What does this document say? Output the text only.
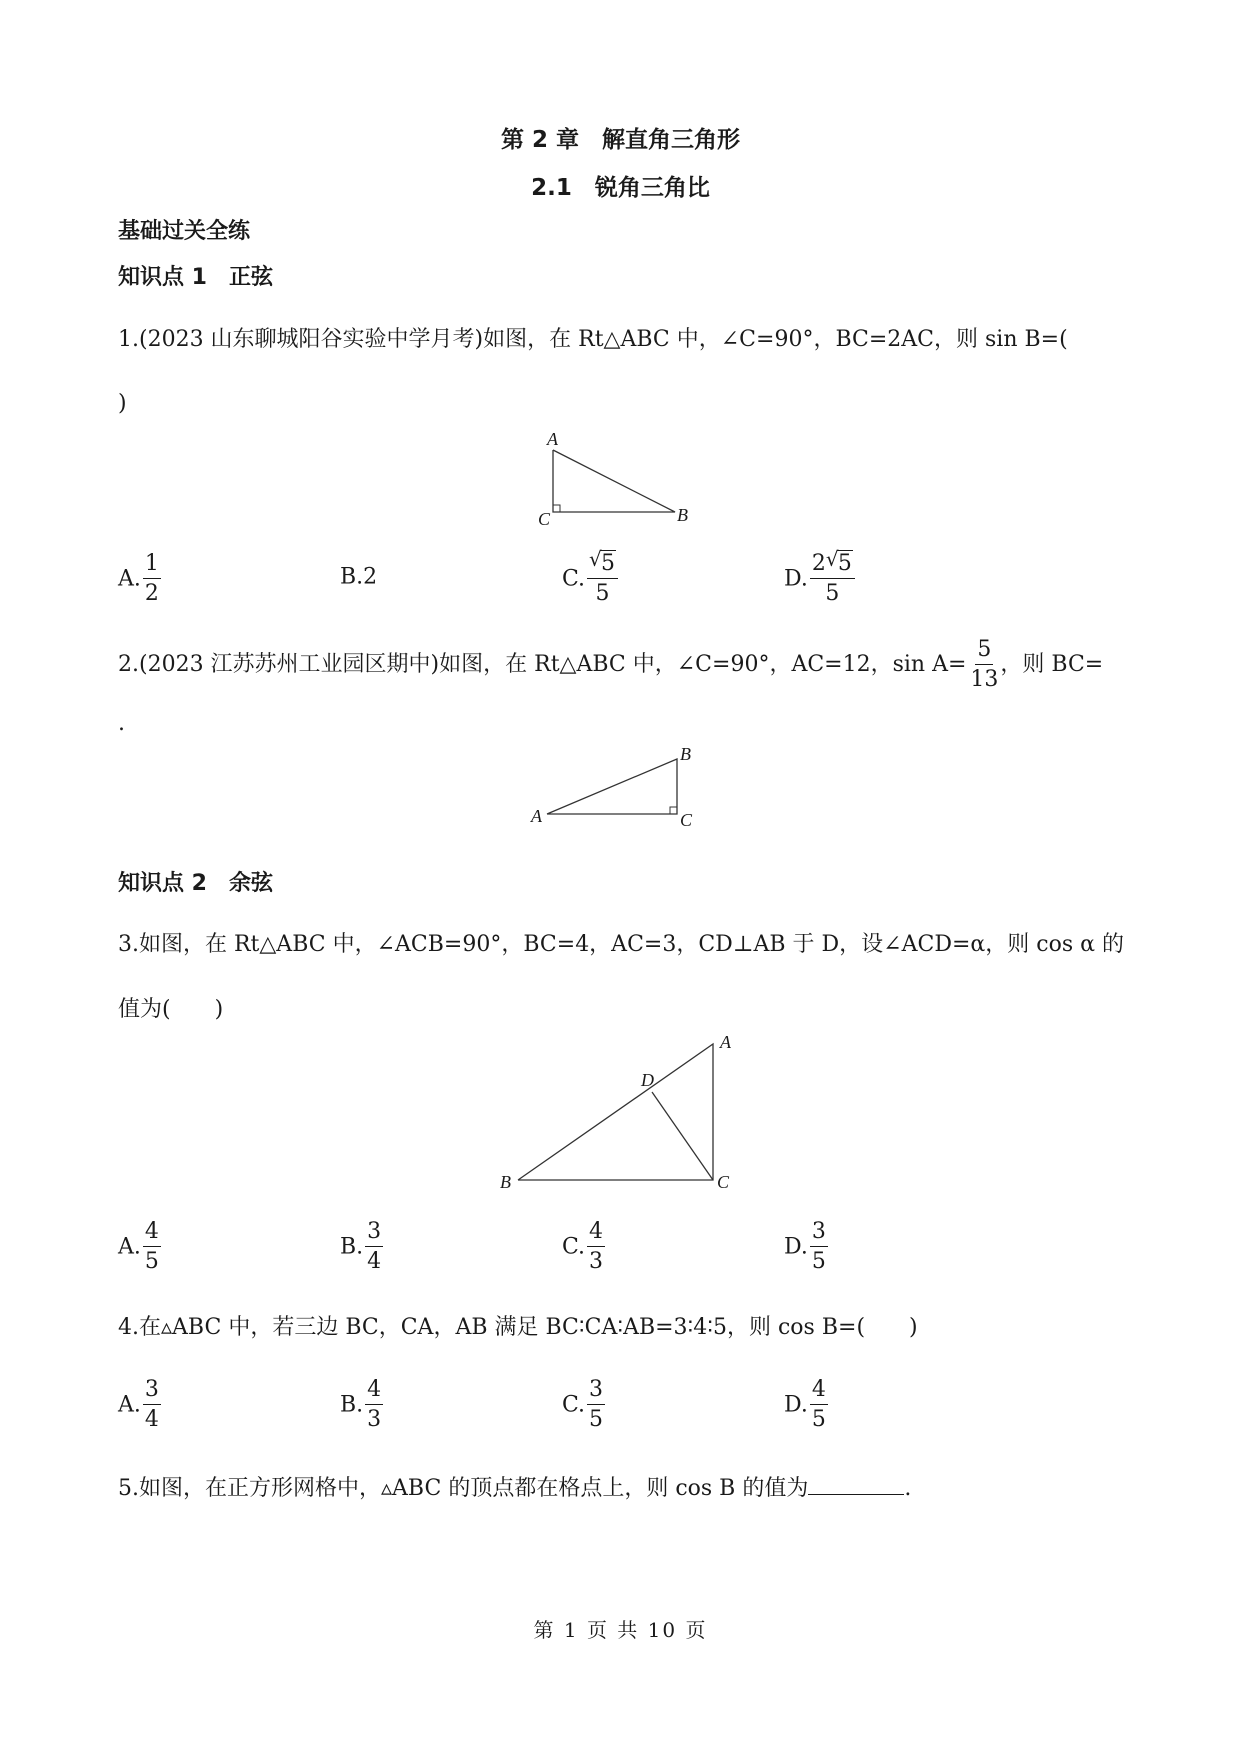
第 2 章　解直角三角形
2.1　锐角三角比
基础过关全练
知识点 1　正弦
1.(2023 山东聊城阳谷实验中学月考)如图，在 Rt△ABC 中，∠C=90°，BC=2AC，则 sin B=(
)
A
C	B
A. $\frac{1}{2}$	B.2	C. √ $\frac{5}{5}$	D. $\frac{2 √ 5}{5}$
2.(2023 江苏苏州工业园区期中)如图，在 Rt△ABC 中，∠C=90°，AC=12，$\sin A= \frac{5}{13}$ ，则 BC=
.
A
B
C
知识点 2　余弦
3.如图，在 Rt△ABC 中，∠ACB=90°，BC=4，AC=3，CD⊥AB 于 D，设∠ACD=α，则 cos α 的
值为(　　)
A
D
B	C
A. $\frac{4}{5}$	B. $\frac{3}{4}$	C. $\frac{4}{3}$	D. $\frac{3}{5}$
4.在▵ABC 中，若三边 BC，CA，AB 满足 BC∶CA∶AB=3∶4∶5，则 cos B=(　　)
A. $\frac{3}{4}$	B. $\frac{4}{3}$	C. $\frac{3}{5}$	D. $\frac{4}{5}$
5.如图，在正方形网格中，▵ABC 的顶点都在格点上，则 cos B 的值为	.
第 1 页 共 10 页
